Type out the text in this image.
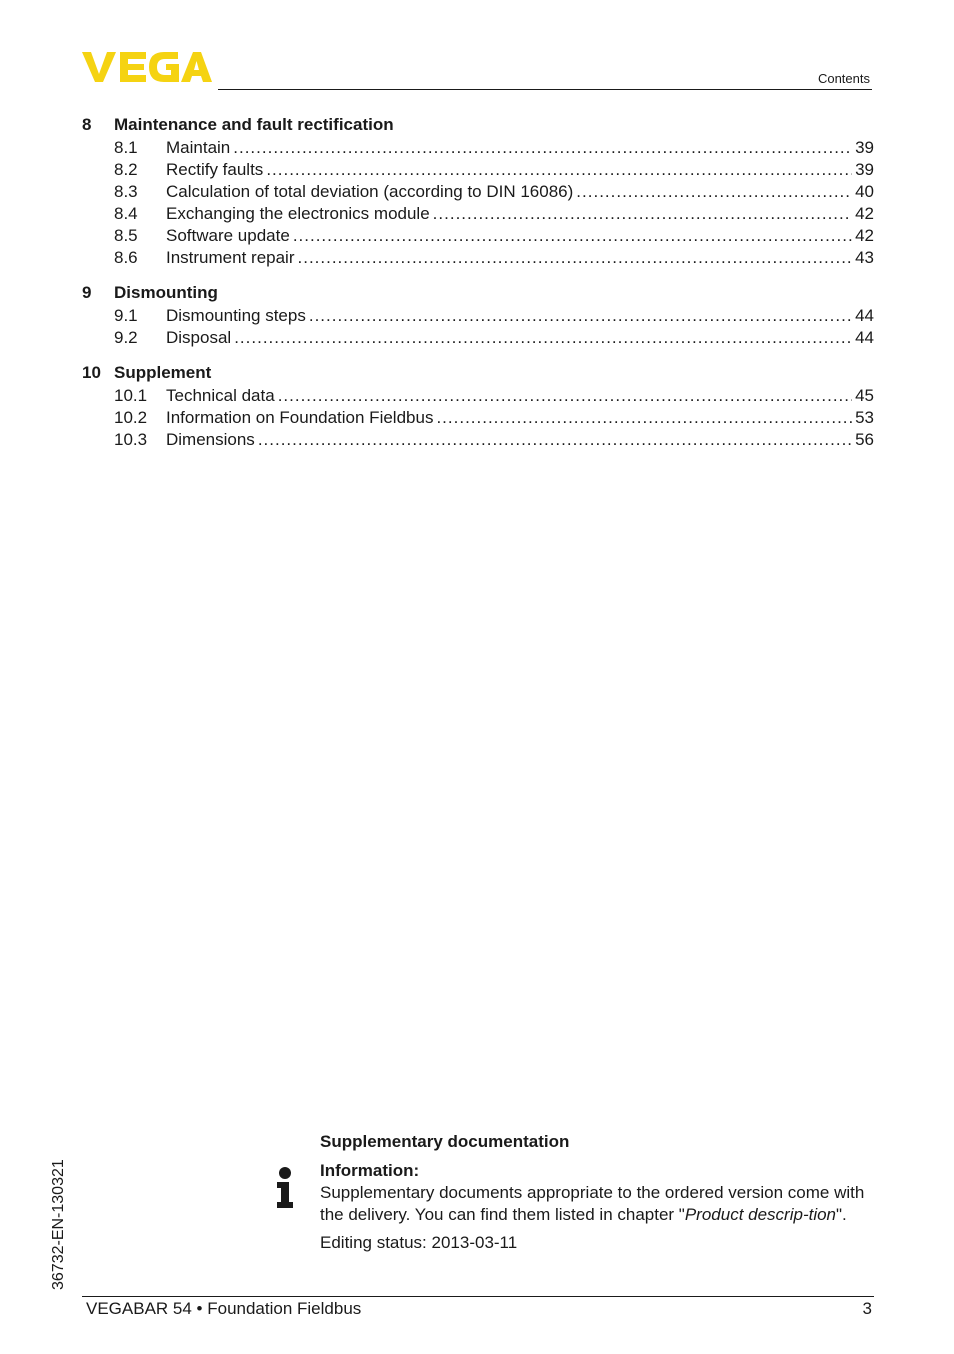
Contents
8	Maintenance and fault rectification
8.1	Maintain .....	39
8.2	Rectify faults .....	39
8.3	Calculation of total deviation (according to DIN 16086) .....	40
8.4	Exchanging the electronics module .....	42
8.5	Software update .....	42
8.6	Instrument repair .....	43
9	Dismounting
9.1	Dismounting steps .....	44
9.2	Disposal .....	44
10 Supplement
10.1	Technical data .....	45
10.2	Information on Foundation Fieldbus .....	53
10.3	Dimensions .....	56
36732-EN-130321
Supplementary documentation
Information:
Supplementary documents appropriate to the ordered version come with the delivery. You can find them listed in chapter "Product descrip-tion".
Editing status: 2013-03-11
VEGABAR 54 • Foundation Fieldbus	3
